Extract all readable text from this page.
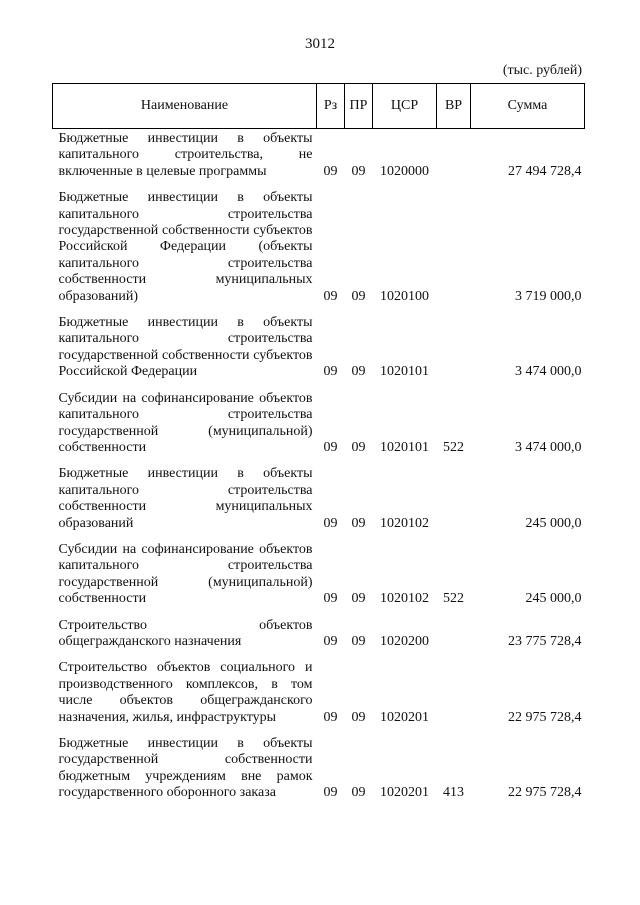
3012
(тыс. рублей)
Наименование	Рз	ПР	ЦСР	ВР	Сумма
Бюджетные инвестиции в объекты капитального строительства, не включенные в целевые программы	09	09	1020000		27 494 728,4
Бюджетные инвестиции в объекты капитального строительства государственной собственности субъектов Российской Федерации (объекты капитального строительства собственности муниципальных образований)	09	09	1020100		3 719 000,0
Бюджетные инвестиции в объекты капитального строительства государственной собственности субъектов Российской Федерации	09	09	1020101		3 474 000,0
Субсидии на софинансирование объектов капитального строительства государственной (муниципальной) собственности	09	09	1020101	522	3 474 000,0
Бюджетные инвестиции в объекты капитального строительства собственности муниципальных образований	09	09	1020102		245 000,0
Субсидии на софинансирование объектов капитального строительства государственной (муниципальной) собственности	09	09	1020102	522	245 000,0
Строительство объектов общегражданского назначения	09	09	1020200		23 775 728,4
Строительство объектов социального и производственного комплексов, в том числе объектов общегражданского назначения, жилья, инфраструктуры	09	09	1020201		22 975 728,4
Бюджетные инвестиции в объекты государственной собственности бюджетным учреждениям вне рамок государственного оборонного заказа	09	09	1020201	413	22 975 728,4
